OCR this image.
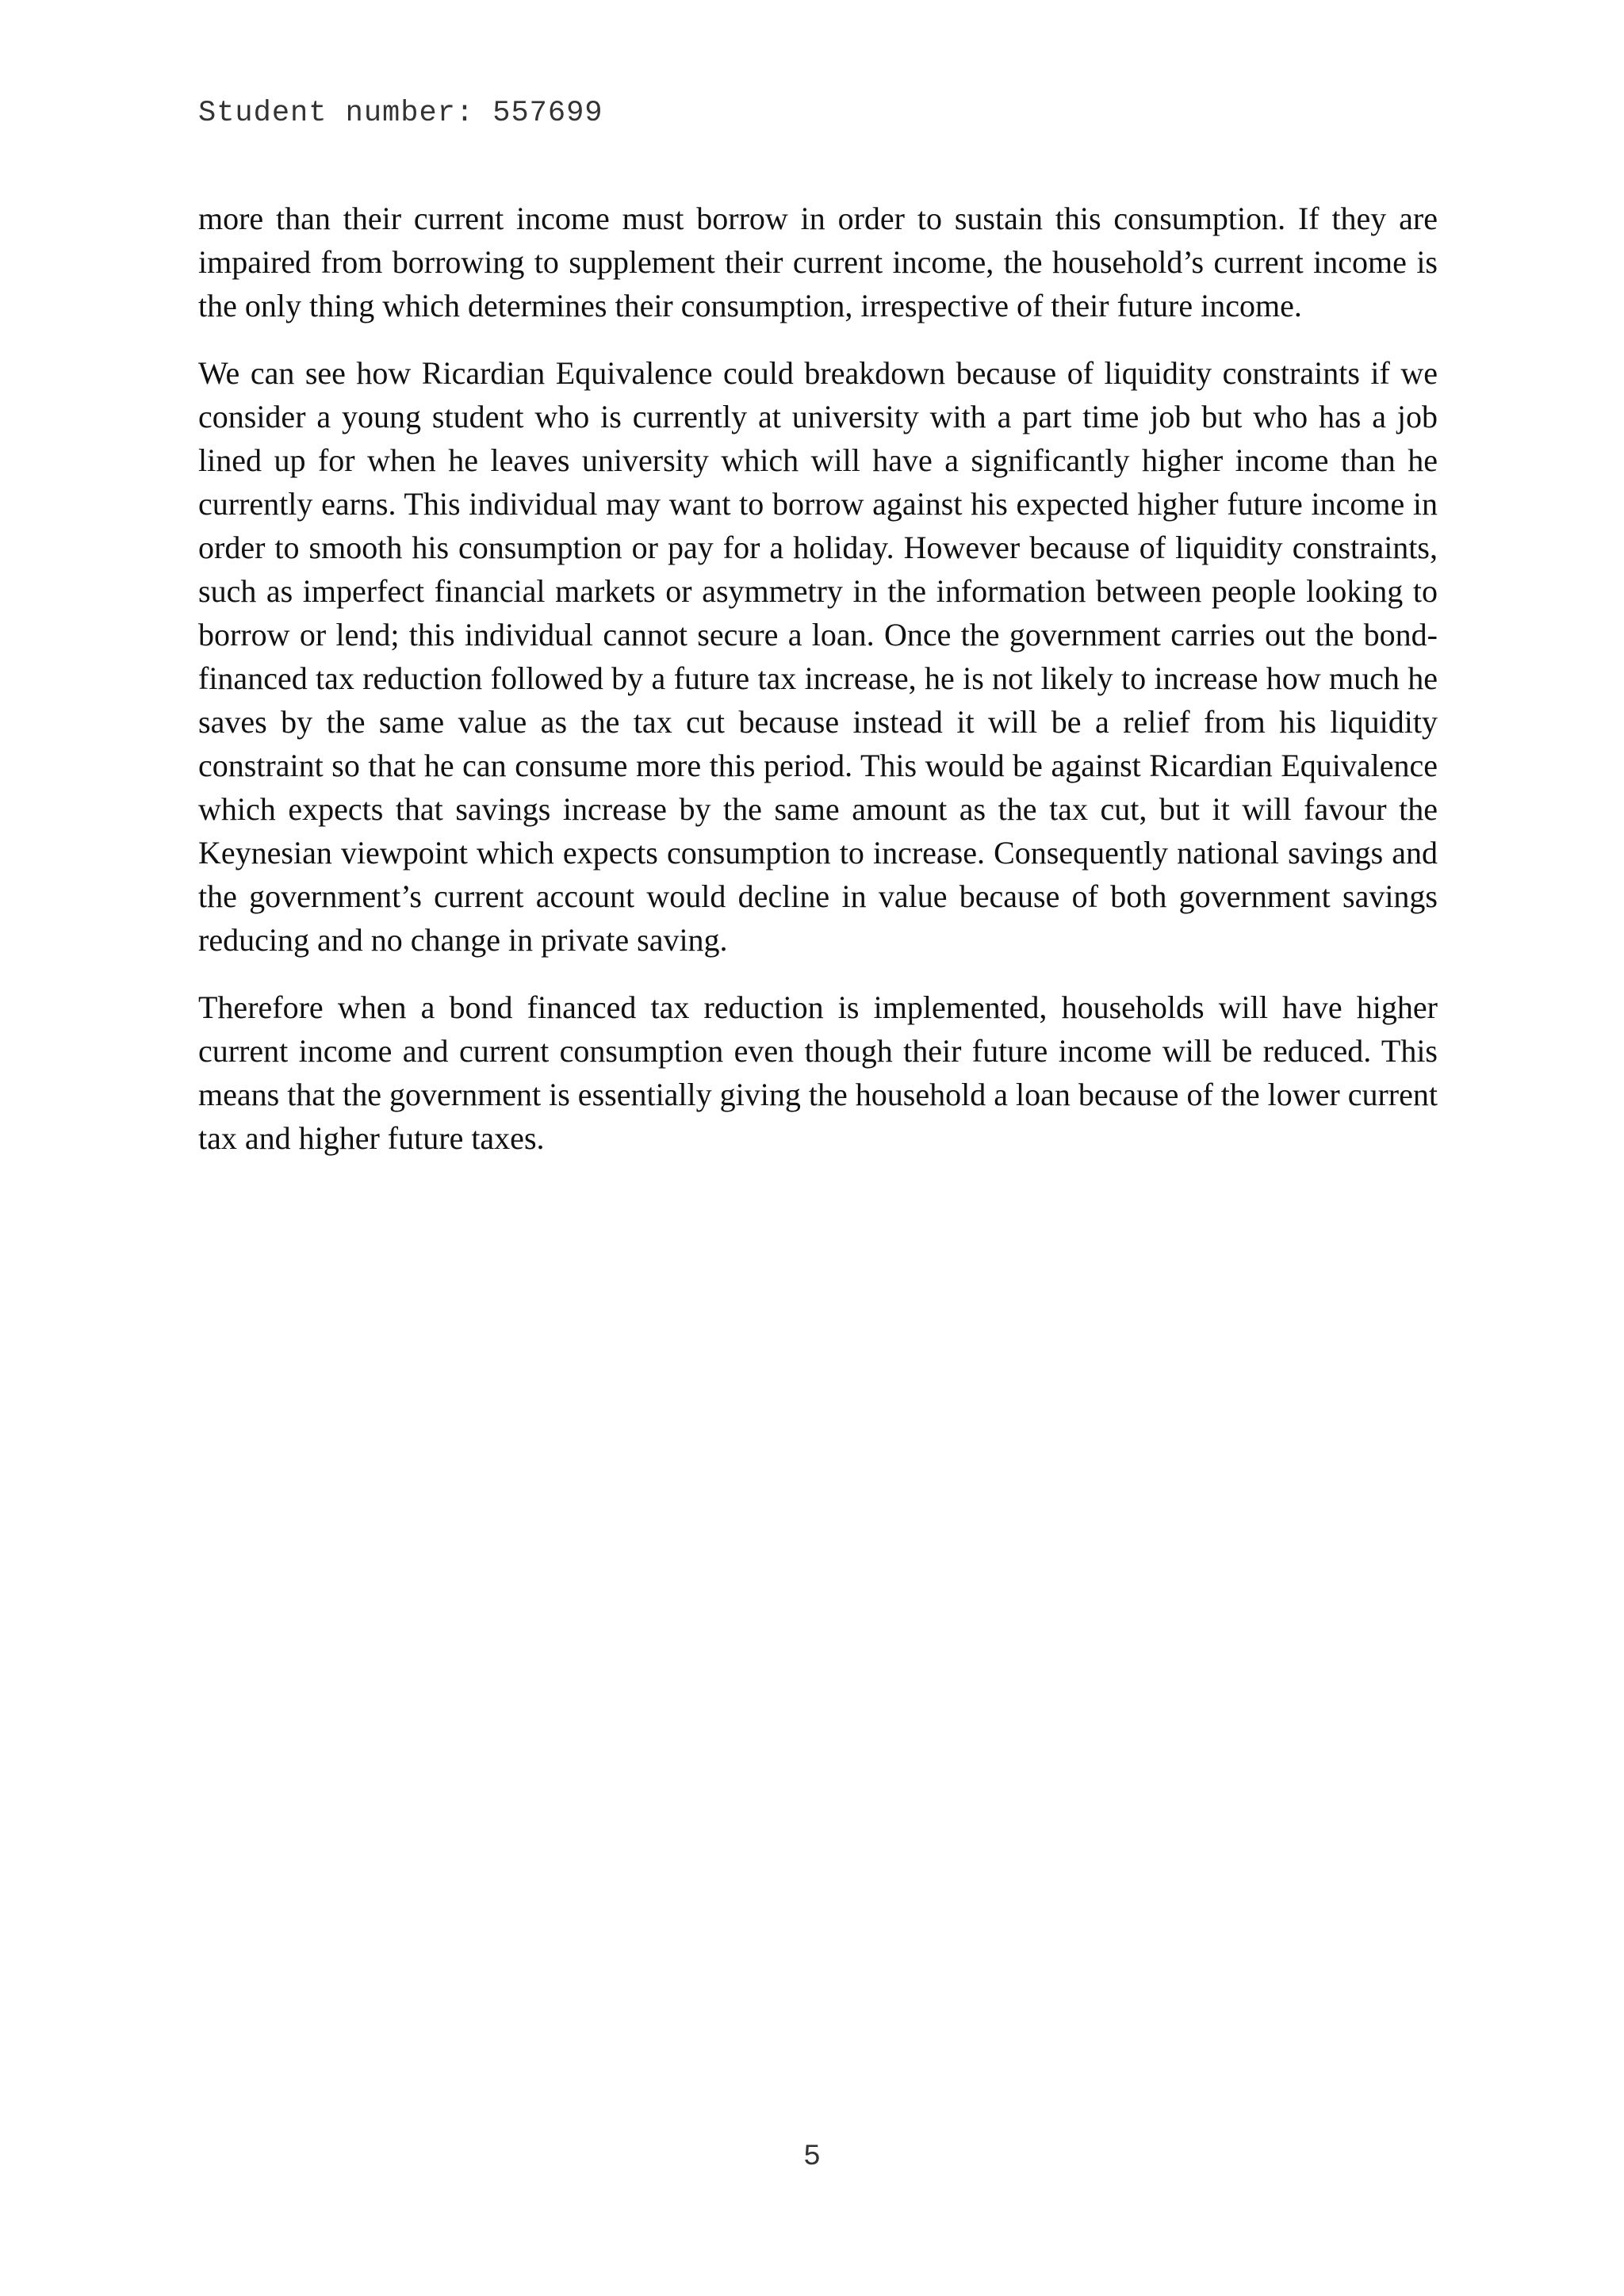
Student number: 557699

more than their current income must borrow in order to sustain this consumption. If they are impaired from borrowing to supplement their current income, the household’s current income is the only thing which determines their consumption, irrespective of their future income.

We can see how Ricardian Equivalence could breakdown because of liquidity constraints if we consider a young student who is currently at university with a part time job but who has a job lined up for when he leaves university which will have a significantly higher income than he currently earns. This individual may want to borrow against his expected higher future income in order to smooth his consumption or pay for a holiday. However because of liquidity constraints, such as imperfect financial markets or asymmetry in the information between people looking to borrow or lend; this individual cannot secure a loan. Once the government carries out the bond-financed tax reduction followed by a future tax increase, he is not likely to increase how much he saves by the same value as the tax cut because instead it will be a relief from his liquidity constraint so that he can consume more this period. This would be against Ricardian Equivalence which expects that savings increase by the same amount as the tax cut, but it will favour the Keynesian viewpoint which expects consumption to increase. Consequently national savings and the government’s current account would decline in value because of both government savings reducing and no change in private saving.

Therefore when a bond financed tax reduction is implemented, households will have higher current income and current consumption even though their future income will be reduced. This means that the government is essentially giving the household a loan because of the lower current tax and higher future taxes.

5
